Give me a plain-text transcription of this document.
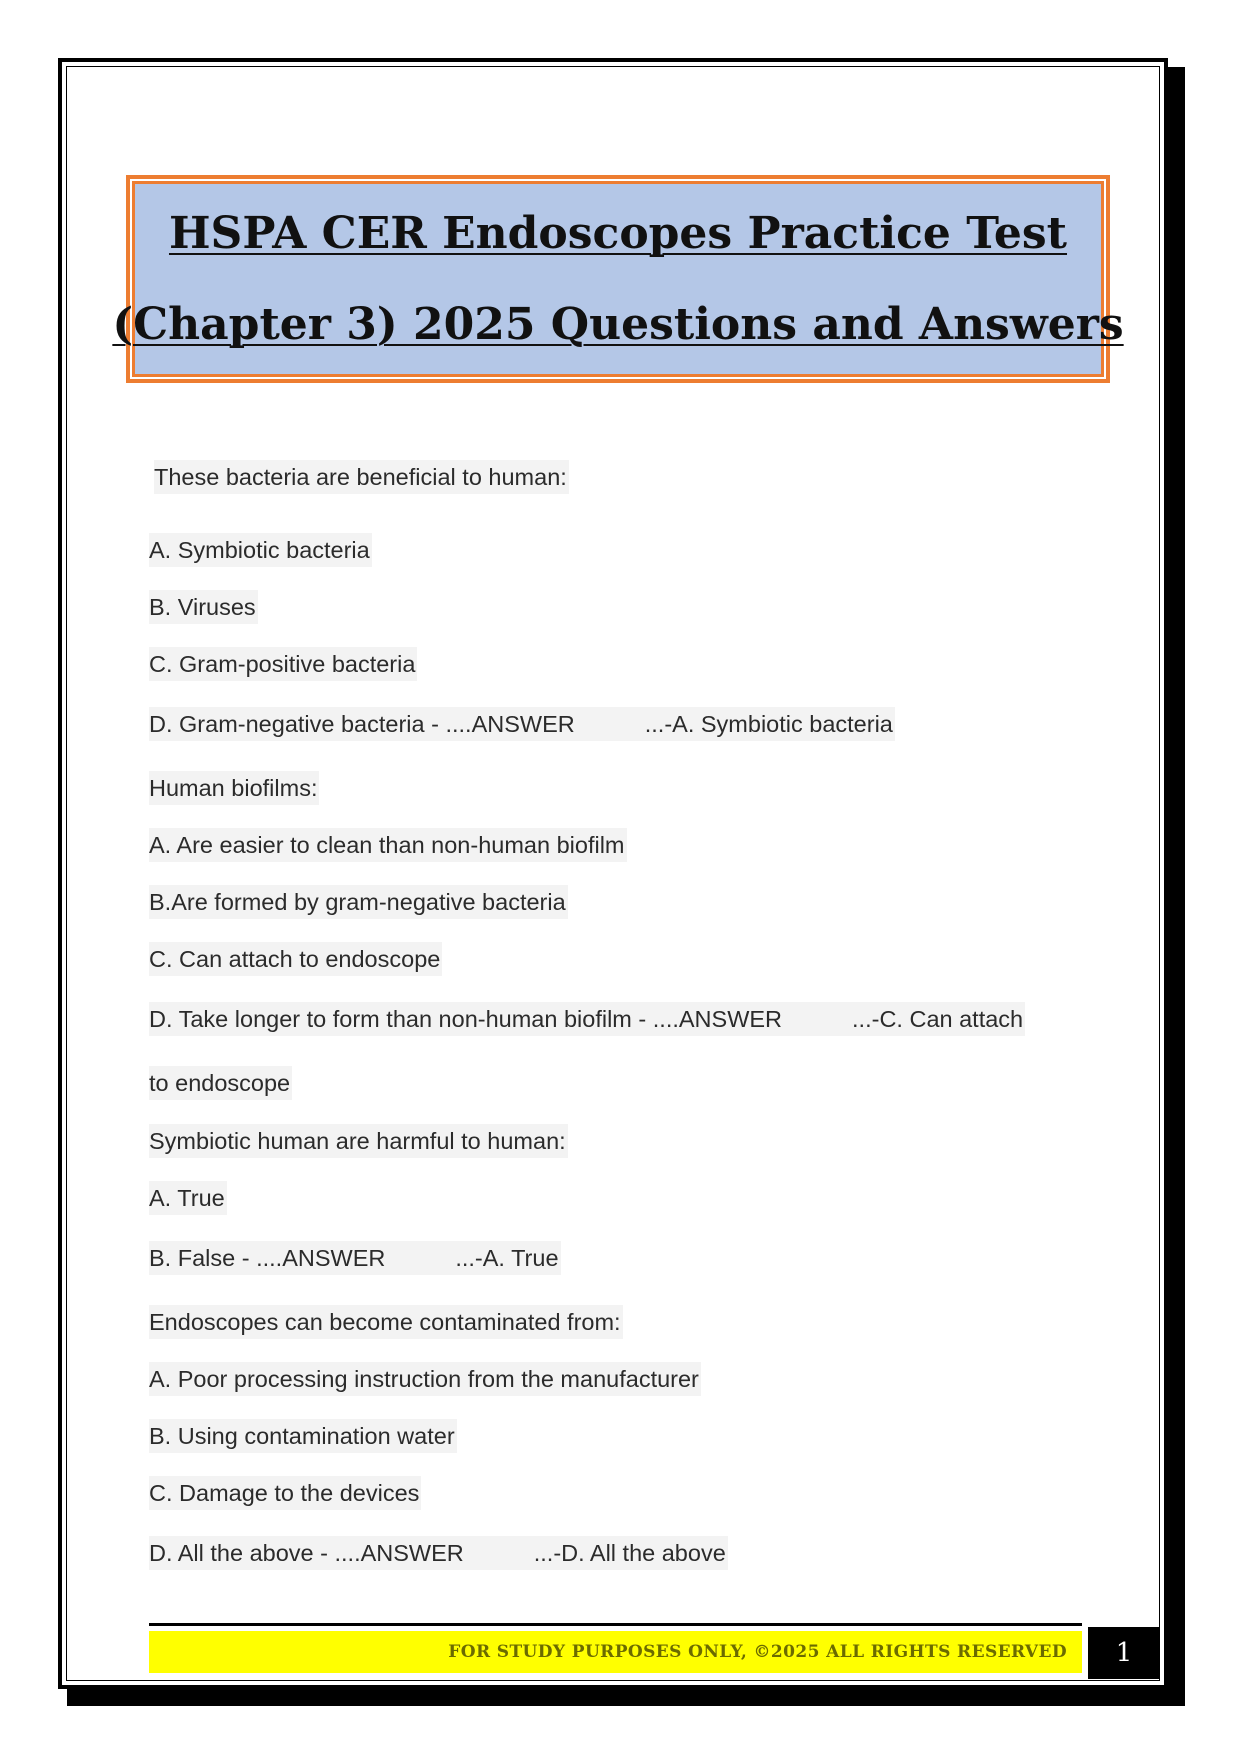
HSPA CER Endoscopes Practice Test
(Chapter 3) 2025 Questions and Answers
These bacteria are beneficial to human:
A. Symbiotic bacteria
B. Viruses
C. Gram-positive bacteria
D. Gram-negative bacteria - ....ANSWER	...-A. Symbiotic bacteria
Human biofilms:
A. Are easier to clean than non-human biofilm
B.Are formed by gram-negative bacteria
C. Can attach to endoscope
D. Take longer to form than non-human biofilm - ....ANSWER	...-C. Can attach
to endoscope
Symbiotic human are harmful to human:
A. True
B. False - ....ANSWER	...-A. True
Endoscopes can become contaminated from:
A. Poor processing instruction from the manufacturer
B. Using contamination water
C. Damage to the devices
D. All the above - ....ANSWER	...-D. All the above
FOR STUDY PURPOSES ONLY, ©2025 ALL RIGHTS RESERVED	1
